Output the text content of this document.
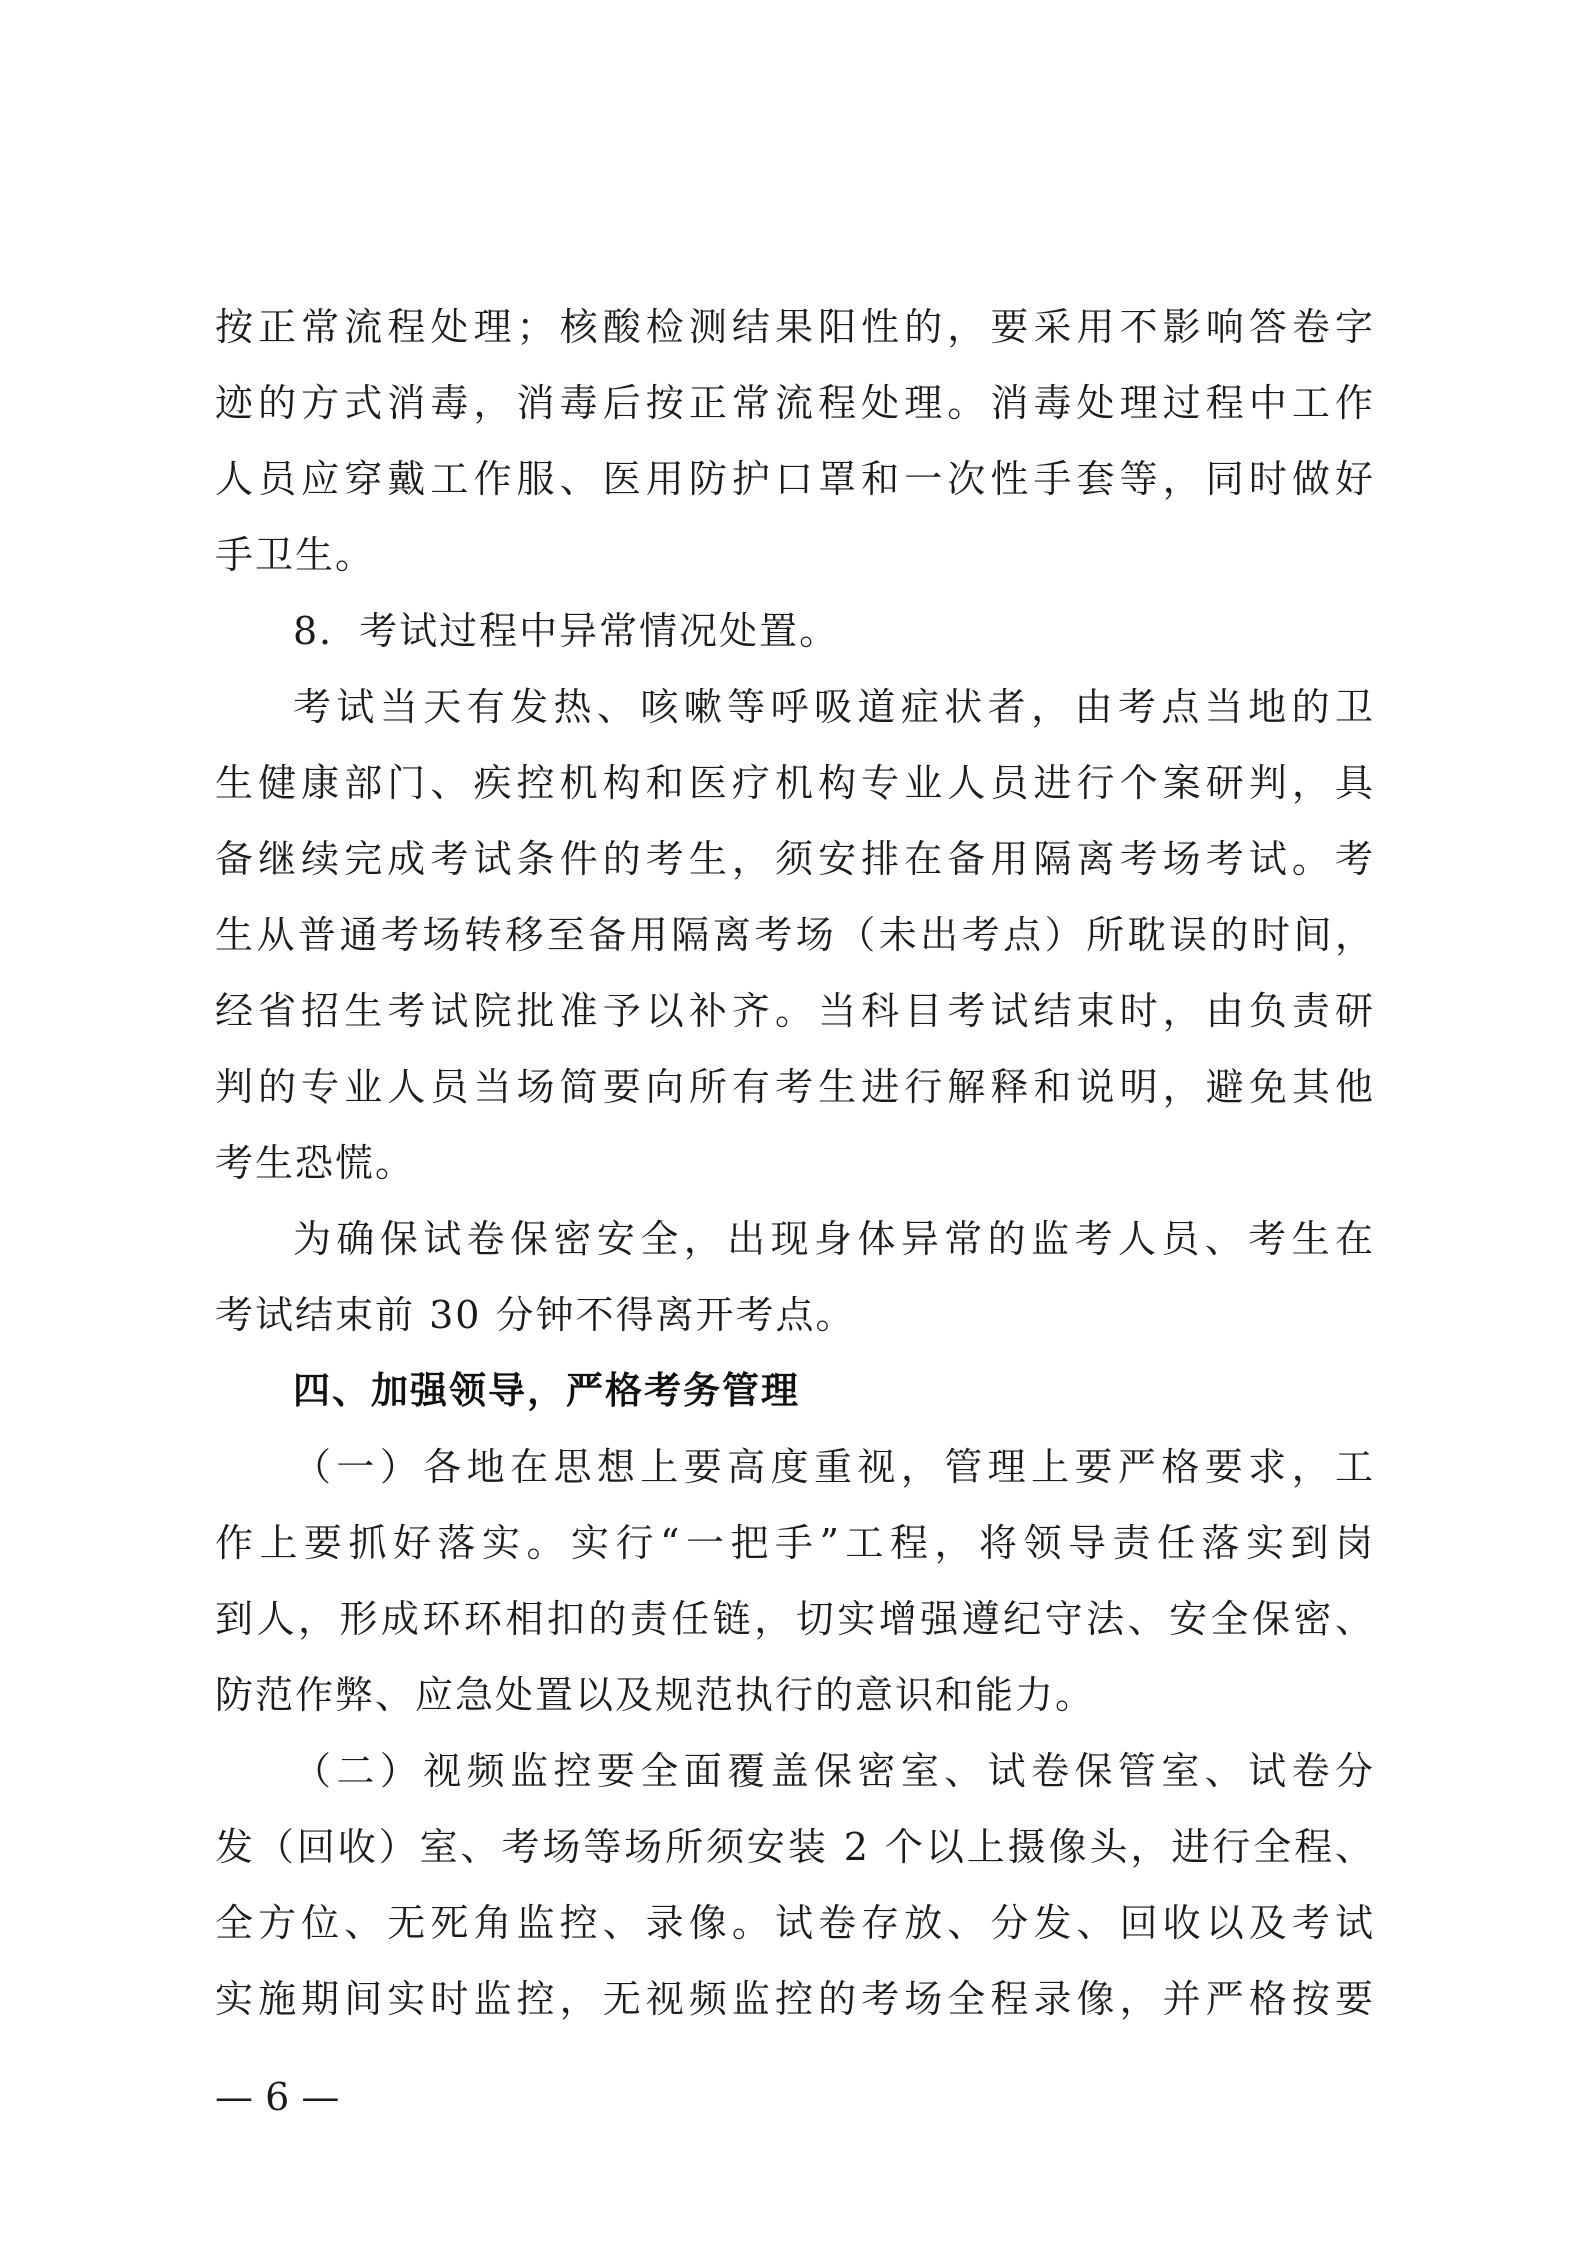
按正常流程处理；核酸检测结果阳性的，要采用不影响答卷字
迹的方式消毒，消毒后按正常流程处理。消毒处理过程中工作
人员应穿戴工作服、医用防护口罩和一次性手套等，同时做好
手卫生。
8．考试过程中异常情况处置。
考试当天有发热、咳嗽等呼吸道症状者，由考点当地的卫
生健康部门、疾控机构和医疗机构专业人员进行个案研判，具
备继续完成考试条件的考生，须安排在备用隔离考场考试。考
生从普通考场转移至备用隔离考场（未出考点）所耽误的时间，
经省招生考试院批准予以补齐。当科目考试结束时，由负责研
判的专业人员当场简要向所有考生进行解释和说明，避免其他
考生恐慌。
为确保试卷保密安全，出现身体异常的监考人员、考生在
考试结束前 30 分钟不得离开考点。
四、加强领导，严格考务管理
（一）各地在思想上要高度重视，管理上要严格要求，工
作上要抓好落实。实行“一把手”工程，将领导责任落实到岗
到人，形成环环相扣的责任链，切实增强遵纪守法、安全保密、
防范作弊、应急处置以及规范执行的意识和能力。
（二）视频监控要全面覆盖保密室、试卷保管室、试卷分
发（回收）室、考场等场所须安装 2 个以上摄像头，进行全程、
全方位、无死角监控、录像。试卷存放、分发、回收以及考试
实施期间实时监控，无视频监控的考场全程录像，并严格按要
— 6 —
